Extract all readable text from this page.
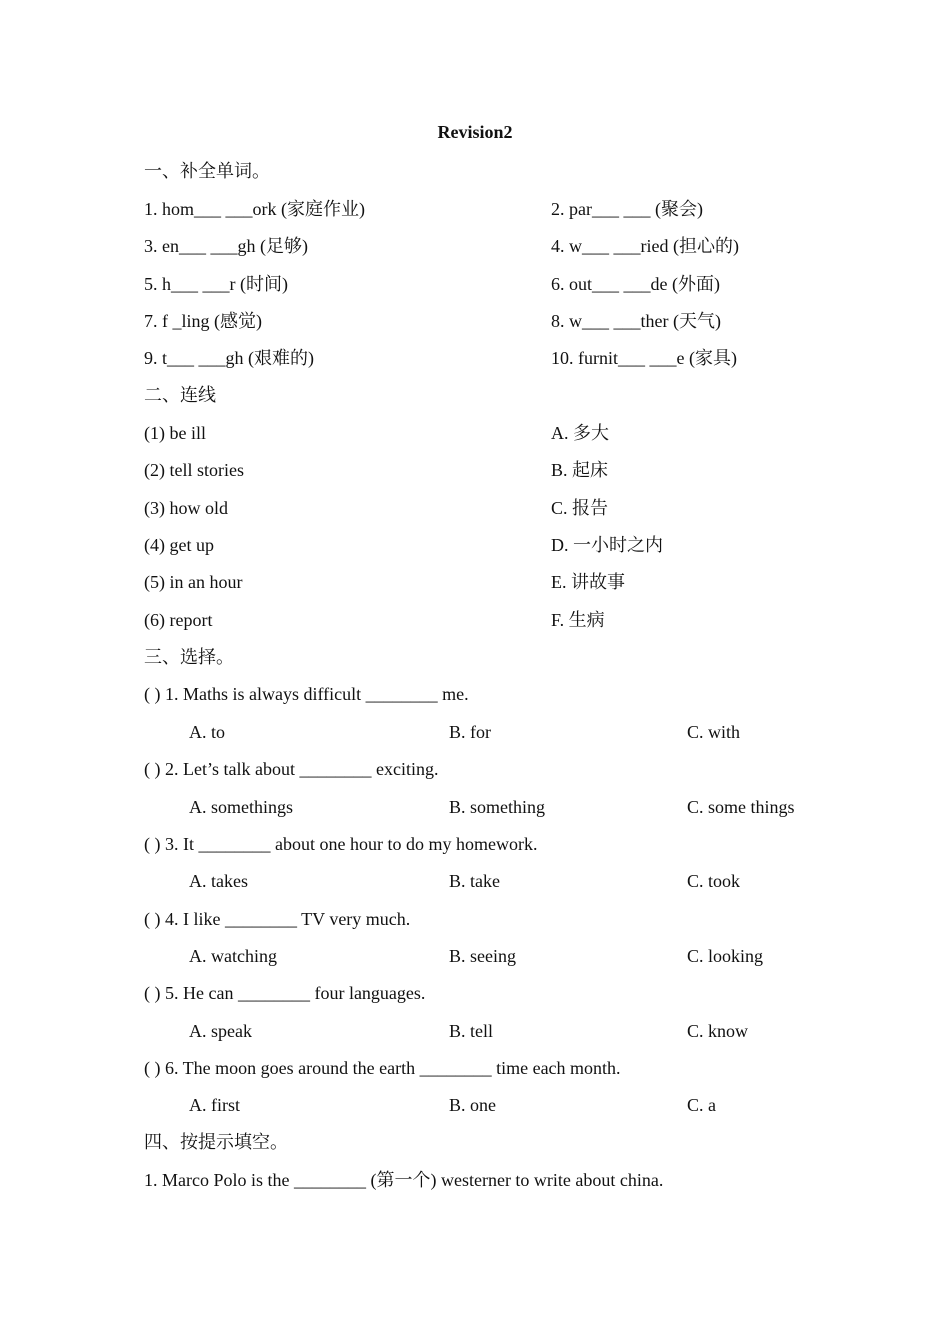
Revision2
一、补全单词。
1. hom___ ___ork (家庭作业)	2. par___ ___ (聚会)
3. en___ ___gh (足够)	4. w___ ___ried (担心的)
5. h___ ___r (时间)	6. out___ ___de (外面)
7. f _ling (感觉)	8. w___ ___ther (天气)
9. t___ ___gh (艰难的)	10. furnit___ ___e (家具)
二、连线
(1) be ill	A. 多大
(2) tell stories	B. 起床
(3) how old	C. 报告
(4) get up	D. 一小时之内
(5) in an hour	E. 讲故事
(6) report	F. 生病
三、选择。
( ) 1. Maths is always difficult ________ me.
A. to	B. for	C. with
( ) 2. Let’s talk about ________ exciting.
A. somethings	B. something	C. some things
( ) 3. It ________ about one hour to do my homework.
A. takes	B. take	C. took
( ) 4. I like ________ TV very much.
A. watching	B. seeing	C. looking
( ) 5. He can ________ four languages.
A. speak	B. tell	C. know
( ) 6. The moon goes around the earth ________ time each month.
A. first	B. one	C. a
四、按提示填空。
1. Marco Polo is the ________ (第一个) westerner to write about china.
